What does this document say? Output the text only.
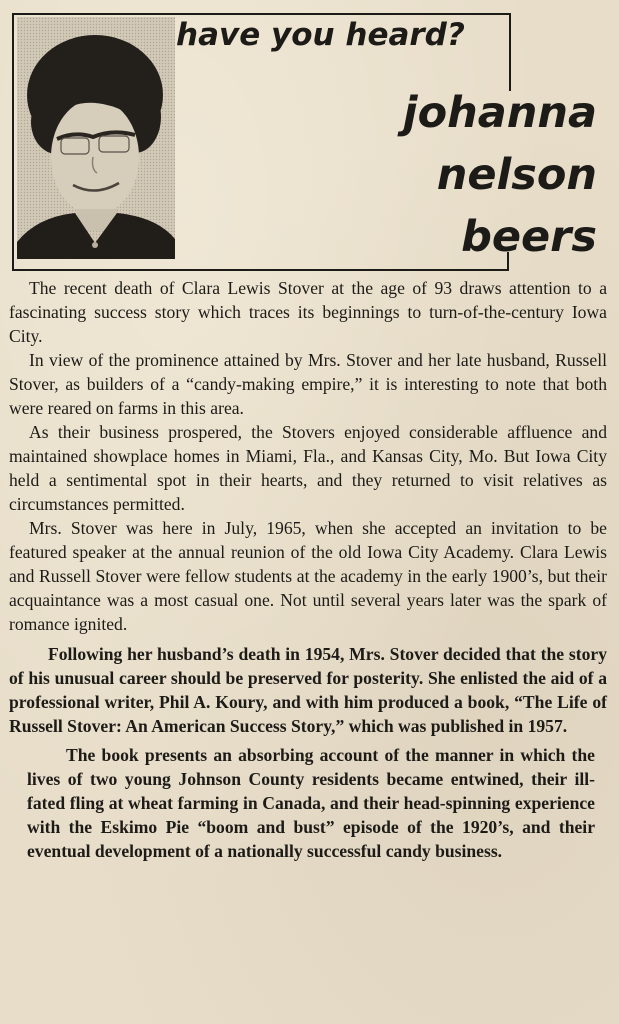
have you heard?
johanna
nelson
beers

The recent death of Clara Lewis Stover at the age of 93 draws attention to a fascinating success story which traces its beginnings to turn-of-the-century Iowa City.

In view of the prominence attained by Mrs. Stover and her late husband, Russell Stover, as builders of a “candy-making empire,” it is interesting to note that both were reared on farms in this area.

As their business prospered, the Stovers enjoyed considerable affluence and maintained showplace homes in Miami, Fla., and Kansas City, Mo. But Iowa City held a sentimental spot in their hearts, and they returned to visit relatives as circumstances permitted.

Mrs. Stover was here in July, 1965, when she accepted an invitation to be featured speaker at the annual reunion of the old Iowa City Academy. Clara Lewis and Russell Stover were fellow students at the academy in the early 1900’s, but their acquaintance was a most casual one. Not until several years later was the spark of romance ignited.

Following her husband’s death in 1954, Mrs. Stover decided that the story of his unusual career should be preserved for posterity. She enlisted the aid of a professional writer, Phil A. Koury, and with him produced a book, “The Life of Russell Stover: An American Success Story,” which was published in 1957.

The book presents an absorbing account of the manner in which the lives of two young Johnson County residents became entwined, their ill-fated fling at wheat farming in Canada, and their head-spinning experience with the Eskimo Pie “boom and bust” episode of the 1920’s, and their eventual development of a nationally successful candy business.
